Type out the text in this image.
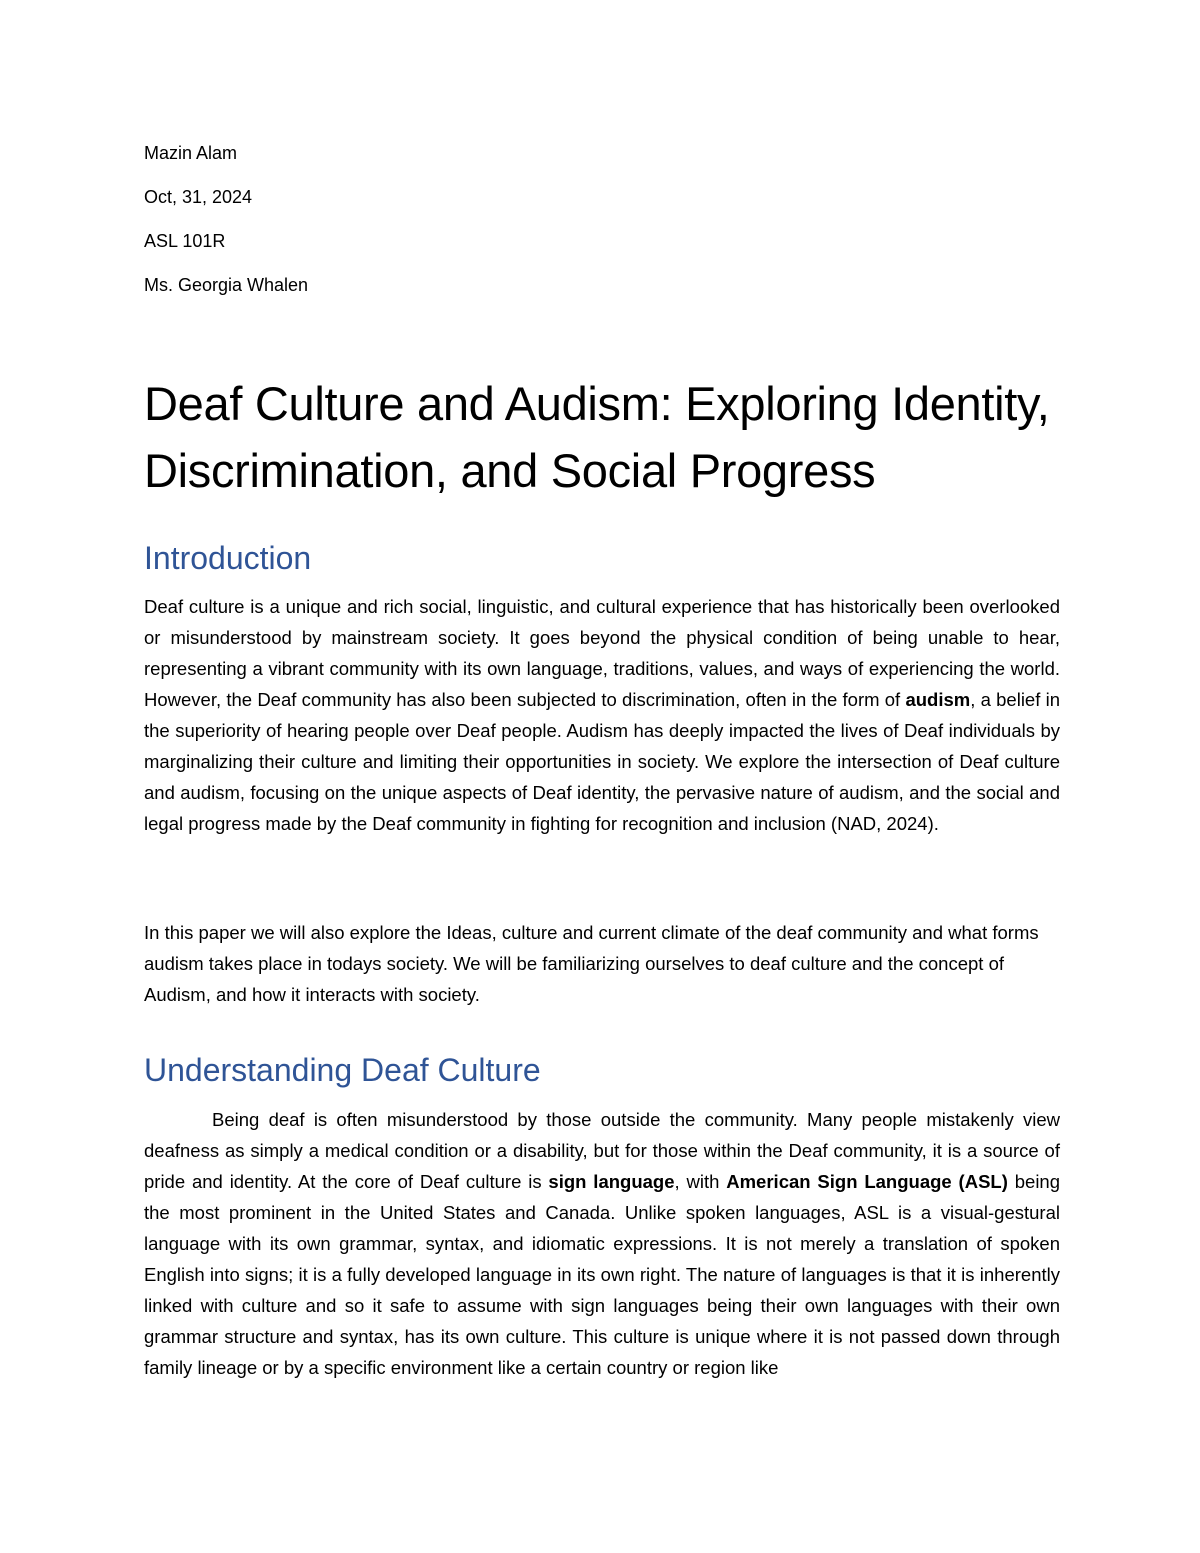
Mazin Alam
Oct, 31, 2024
ASL 101R
Ms. Georgia Whalen
Deaf Culture and Audism: Exploring Identity, Discrimination, and Social Progress
Introduction

Deaf culture is a unique and rich social, linguistic, and cultural experience that has historically been overlooked or misunderstood by mainstream society. It goes beyond the physical condition of being unable to hear, representing a vibrant community with its own language, traditions, values, and ways of experiencing the world. However, the Deaf community has also been subjected to discrimination, often in the form of audism, a belief in the superiority of hearing people over Deaf people. Audism has deeply impacted the lives of Deaf individuals by marginalizing their culture and limiting their opportunities in society. We explore the intersection of Deaf culture and audism, focusing on the unique aspects of Deaf identity, the pervasive nature of audism, and the social and legal progress made by the Deaf community in fighting for recognition and inclusion (NAD, 2024).

In this paper we will also explore the Ideas, culture and current climate of the deaf community and what forms audism takes place in todays society. We will be familiarizing ourselves to deaf culture and the concept of Audism, and how it interacts with society.

Understanding Deaf Culture

Being deaf is often misunderstood by those outside the community. Many people mistakenly view deafness as simply a medical condition or a disability, but for those within the Deaf community, it is a source of pride and identity. At the core of Deaf culture is sign language, with American Sign Language (ASL) being the most prominent in the United States and Canada. Unlike spoken languages, ASL is a visual-gestural language with its own grammar, syntax, and idiomatic expressions. It is not merely a translation of spoken English into signs; it is a fully developed language in its own right. The nature of languages is that it is inherently linked with culture and so it safe to assume with sign languages being their own languages with their own grammar structure and syntax, has its own culture. This culture is unique where it is not passed down through family lineage or by a specific environment like a certain country or region like
